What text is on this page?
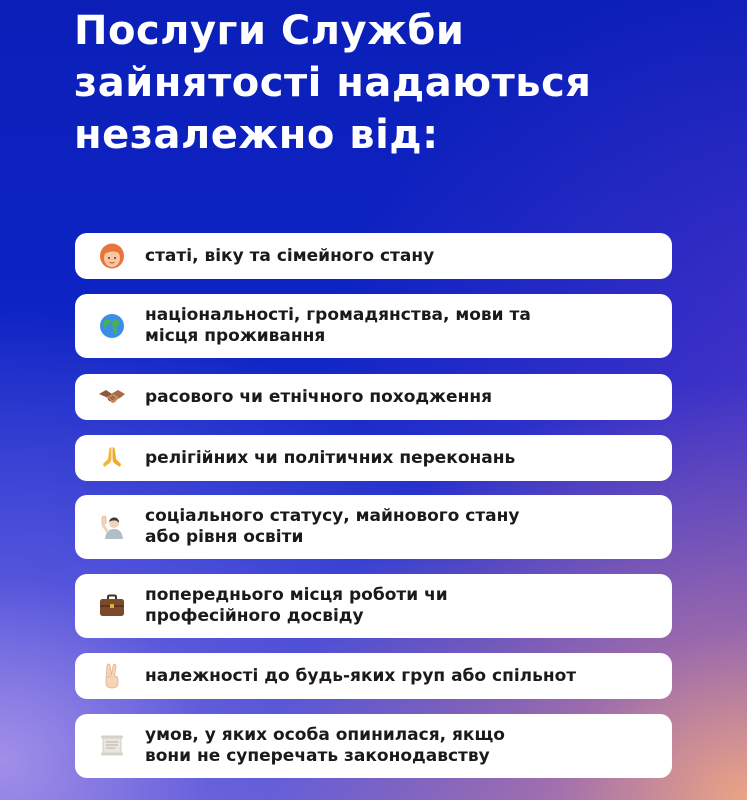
Послуги Служби
зайнятості надаються
незалежно від:
статі, віку та сімейного стану
національності, громадянства, мови та
місця проживання
расового чи етнічного походження
релігійних чи політичних переконань
соціального статусу, майнового стану
або рівня освіти
попереднього місця роботи чи
професійного досвіду
належності до будь-яких груп або спільнот
умов, у яких особа опинилася, якщо
вони не суперечать законодавству
